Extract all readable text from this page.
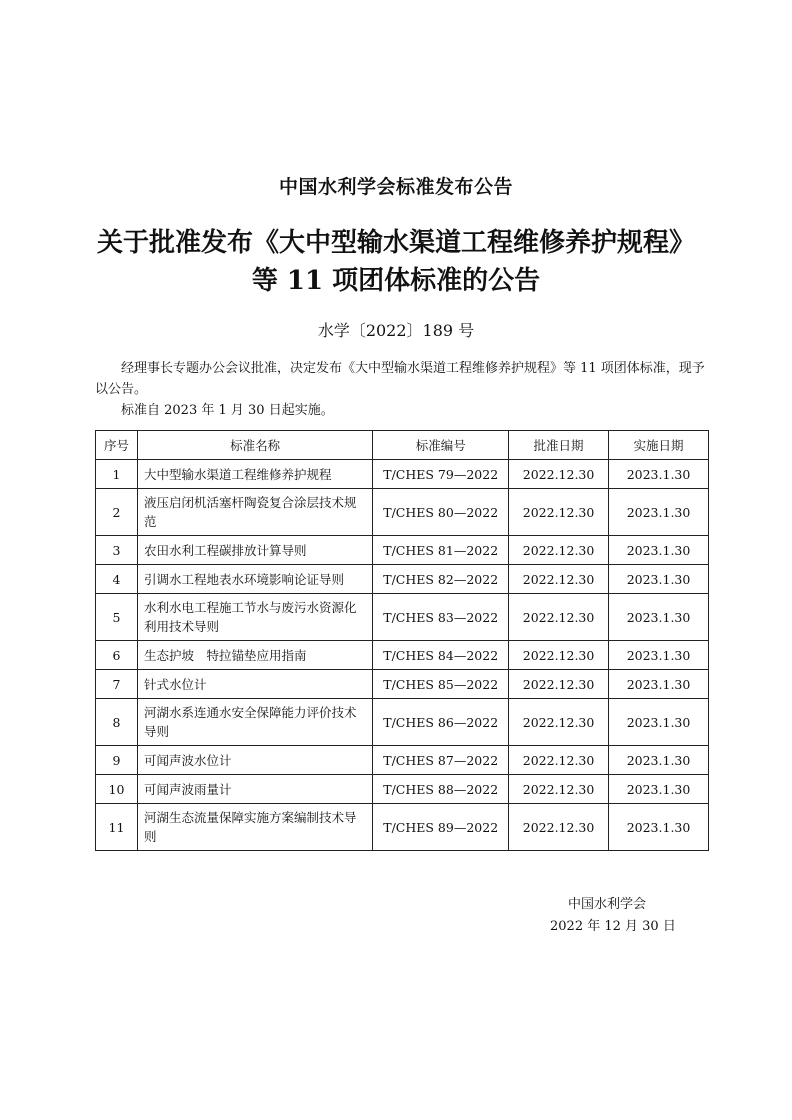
中国水利学会标准发布公告
关于批准发布《大中型输水渠道工程维修养护规程》
等 11 项团体标准的公告
水学〔2022〕189 号

经理事长专题办公会议批准，决定发布《大中型输水渠道工程维修养护规程》等 11 项团体标准，现予以公告。

标准自 2023 年 1 月 30 日起实施。

序号	标准名称	标准编号	批准日期	实施日期
1	大中型输水渠道工程维修养护规程	T/CHES 79—2022	2022.12.30	2023.1.30
2	液压启闭机活塞杆陶瓷复合涂层技术规范	T/CHES 80—2022	2022.12.30	2023.1.30
3	农田水利工程碳排放计算导则	T/CHES 81—2022	2022.12.30	2023.1.30
4	引调水工程地表水环境影响论证导则	T/CHES 82—2022	2022.12.30	2023.1.30
5	水利水电工程施工节水与废污水资源化利用技术导则	T/CHES 83—2022	2022.12.30	2023.1.30
6	生态护坡　特拉锚垫应用指南	T/CHES 84—2022	2022.12.30	2023.1.30
7	针式水位计	T/CHES 85—2022	2022.12.30	2023.1.30
8	河湖水系连通水安全保障能力评价技术导则	T/CHES 86—2022	2022.12.30	2023.1.30
9	可闻声波水位计	T/CHES 87—2022	2022.12.30	2023.1.30
10	可闻声波雨量计	T/CHES 88—2022	2022.12.30	2023.1.30
11	河湖生态流量保障实施方案编制技术导则	T/CHES 89—2022	2022.12.30	2023.1.30
中国水利学会
2022 年 12 月 30 日
